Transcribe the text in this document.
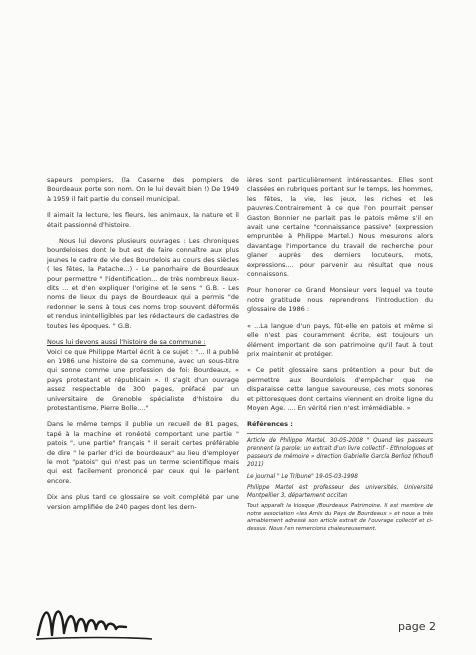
sapeurs pompiers, (la Caserne des pompiers de Bourdeaux porte son nom. On le lui devait bien !) De 1949 à 1959 il fait partie du conseil municipal.

Il aimait la lecture, les fleurs, les animaux, la nature et il était passionné d'histoire.

Nous lui devons plusieurs ouvrages : Les chroniques bourdeloises dont le but est de faire connaître aux plus jeunes le cadre de vie des Bourdelois au cours des siècles ( les fêtes, la Patache...) - Le panorhaire de Bourdeaux pour permettre " l'identification... de très nombreux lieux-dits ... et d'en expliquer l'origine et le sens " G.B. - Les noms de lieux du pays de Bourdeaux qui a permis "de redonner le sens à tous ces noms trop souvent déformés et rendus inintelligibles par les rédacteurs de cadastres de toutes les époques. " G.B.

Nous lui devons aussi l'histoire de sa commune :

Voici ce que Philippe Martel écrit à ce sujet : "... Il a publié en 1986 une histoire de sa commune, avec un sous-titre qui sonne comme une profession de foi: Bourdeaux, « pays protestant et républicain ». Il s'agit d'un ouvrage assez respectable de 300 pages, préfacé par un universitaire de Grenoble spécialiste d'histoire du protestantisme, Pierre Bolle...."

Dans le même temps il publie un recueil de 81 pages, tapé à la machine et ronéoté comportant une partie " patois ", une partie" français " Il serait certes préférable de dire " le parler d'ici de bourdeaux" au lieu d'employer le mot "patois" qui n'est pas un terme scientifique mais qui est facilement prononcé par ceux qui le parlent encore.

Dix ans plus tard ce glossaire se voit complété par une version amplifiée de 240 pages dont les dern-

ières sont particulièrement intéressantes. Elles sont classées en rubriques portant sur le temps, les hommes, les fêtes, la vie, les jeux, les riches et les pauvres.Contrairement à ce que l'on pourrait penser Gaston Bonnier ne parlait pas le patois même s'il en avait une certaine "connaissance passive" (expression empruntée à Philippe Martel.) Nous mesurons alors davantage l'importance du travail de recherche pour glaner auprès des derniers locuteurs, mots, expressions.... pour parvenir au résultat que nous connaissons.

Pour honorer ce Grand Monsieur vers lequel va toute notre gratitude nous reprendrons l'introduction du glossaire de 1986 :

« ...La langue d'un pays, fût-elle en patois et même si elle n'est pas couramment écrite, est toujours un élément important de son patrimoine qu'il faut à tout prix maintenir et protéger.

« Ce petit glossaire sans prétention a pour but de permettre aux Bourdelois d'empêcher que ne disparaisse cette langue savoureuse, ces mots sonores et pittoresques dont certains viennent en droite ligne du Moyen Age. .... En vérité rien n'est irrémédiable. »

Références :

Article de Philippe Martel, 30-05-2008 " Quand les passeurs prennent la parole: un extrait d'un livre collectif - Ethnologues et passeurs de mémoire » direction Gabrielle García Berlioz (Khoufi 2011)

Le journal " Le Tribune" 19-05-03-1998

Philippe Martel est professeur des universités, Université Montpellier 3, département occitan

Tout apparaît la kiosque /Bourdeaux Patrimoine. Il est membre de notre association «les Amis du Pays de Bourdeaux » et nous a très aimablement adressé son article extrait de l'ouvrage collectif et ci-dessus. Nous l'en remercions chaleureusement.

page 2
